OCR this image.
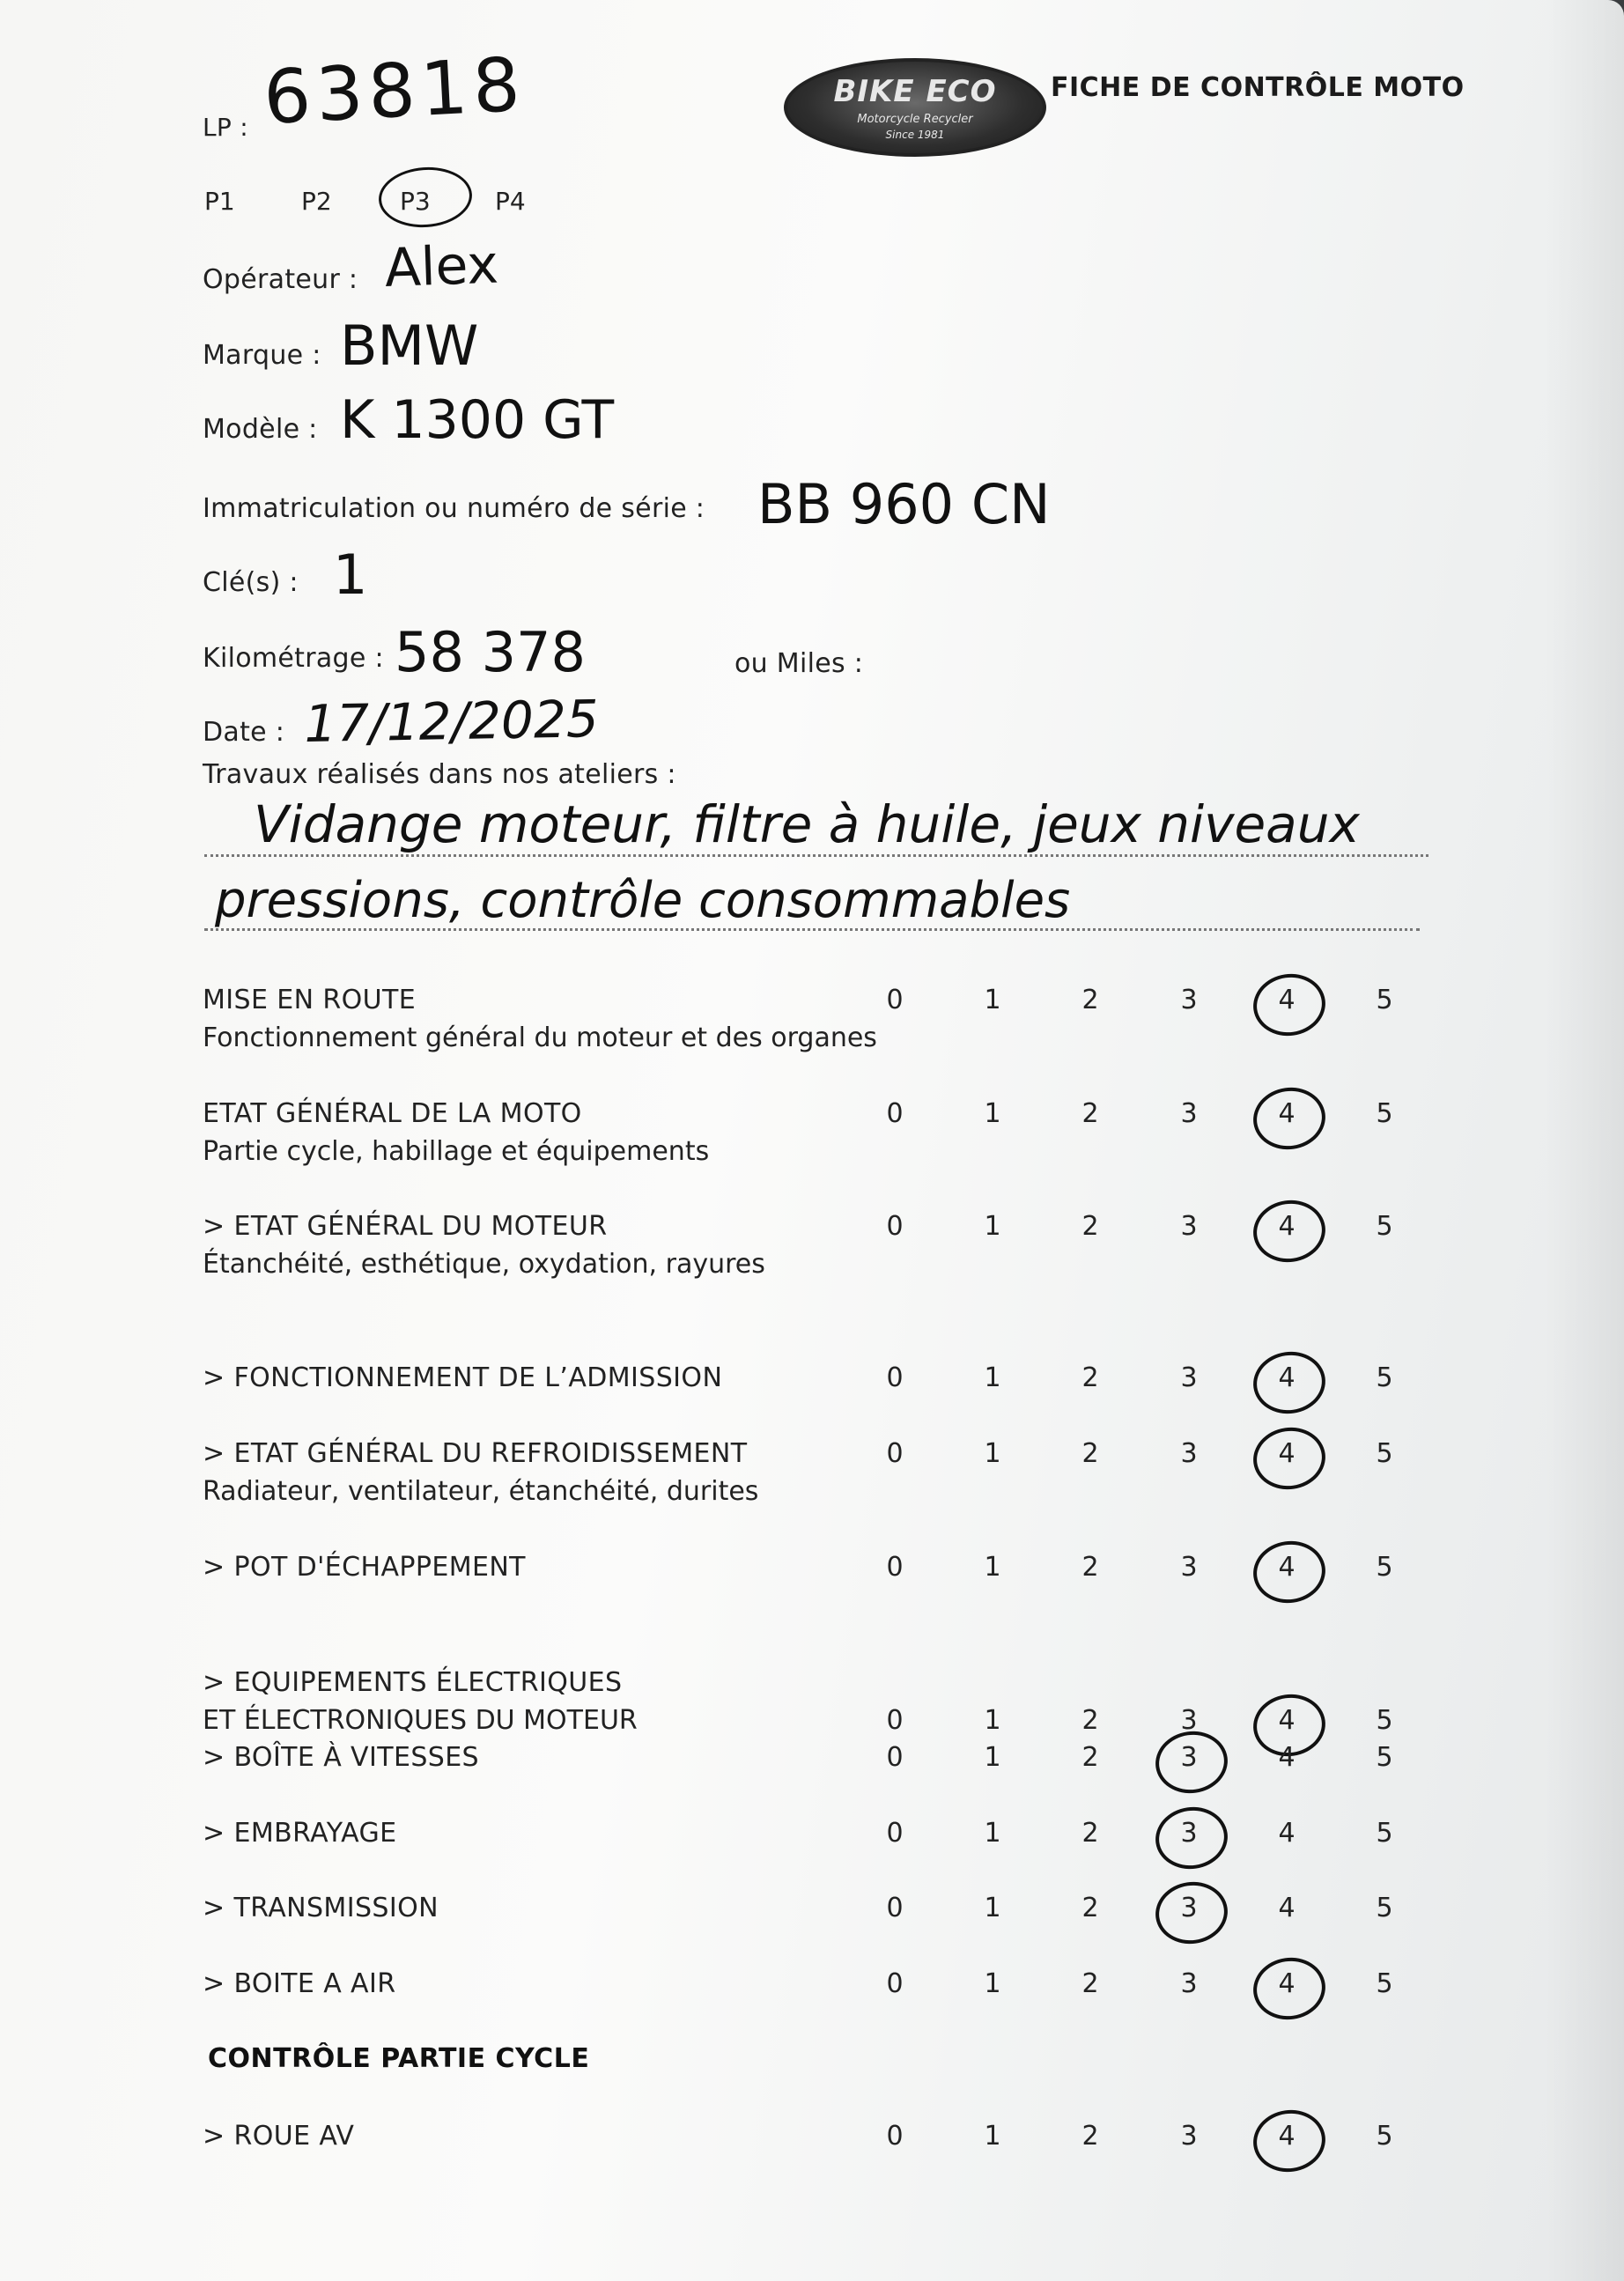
BIKE ECO
Motorcycle Recycler
Since 1981
FICHE DE CONTRÔLE MOTO
LP : 63818
P1	P2	P3	P4
Opérateur : Alex
Marque : BMW
Modèle : K 1300 GT
Immatriculation ou numéro de série : BB 960 CN
Clé(s) : 1
Kilométrage : 58 378	ou Miles :
Date : 17/12/2025
Travaux réalisés dans nos ateliers :
Vidange moteur, filtre à huile, jeux niveaux
pressions, contrôle consommables
MISE EN ROUTE
Fonctionnement général du moteur et des organes
0	1	2	3	4	5
ETAT GÉNÉRAL DE LA MOTO
Partie cycle, habillage et équipements
0	1	2	3	4	5
> ETAT GÉNÉRAL DU MOTEUR
Étanchéité, esthétique, oxydation, rayures
0	1	2	3	4	5
> FONCTIONNEMENT DE L’ADMISSION	0	1	2	3	4	5
> ETAT GÉNÉRAL DU REFROIDISSEMENT
Radiateur, ventilateur, étanchéité, durites
0	1	2	3	4	5
> POT D'ÉCHAPPEMENT	0	1	2	3	4	5
> EQUIPEMENTS ÉLECTRIQUES
ET ÉLECTRONIQUES DU MOTEUR	0	1	2	3	4	5
> BOÎTE À VITESSES	0	1	2	3	4	5
> EMBRAYAGE	0	1	2	3	4	5
> TRANSMISSION	0	1	2	3	4	5
> BOITE A AIR	0	1	2	3	4	5
CONTRÔLE PARTIE CYCLE
> ROUE AV	0	1	2	3	4	5
